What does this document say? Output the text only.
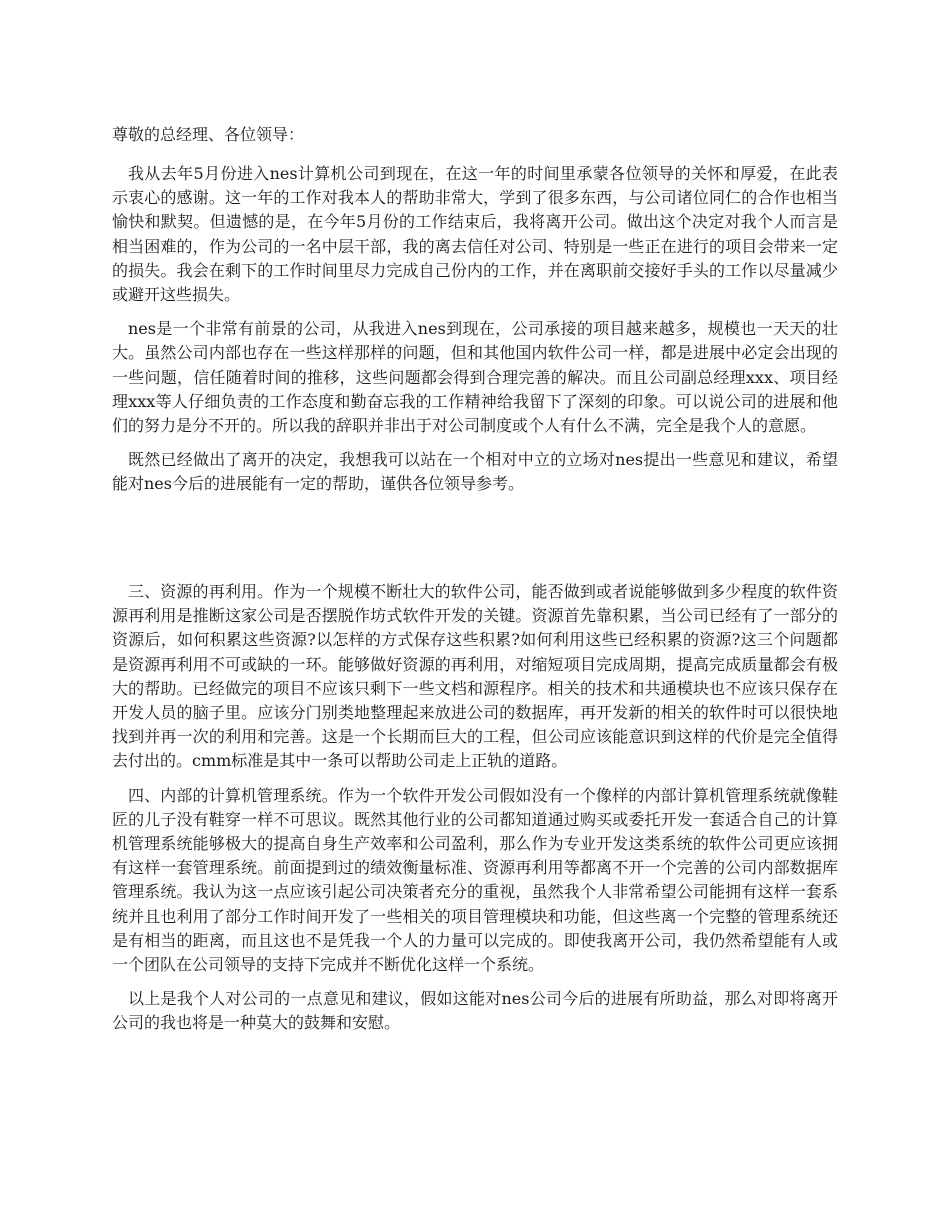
尊敬的总经理、各位领导：

我从去年5月份进入nes计算机公司到现在，在这一年的时间里承蒙各位领导的关怀和厚爱，在此表示衷心的感谢。这一年的工作对我本人的帮助非常大，学到了很多东西，与公司诸位同仁的合作也相当愉快和默契。但遗憾的是，在今年5月份的工作结束后，我将离开公司。做出这个决定对我个人而言是相当困难的，作为公司的一名中层干部，我的离去信任对公司、特别是一些正在进行的项目会带来一定的损失。我会在剩下的工作时间里尽力完成自己份内的工作，并在离职前交接好手头的工作以尽量减少或避开这些损失。

nes是一个非常有前景的公司，从我进入nes到现在，公司承接的项目越来越多，规模也一天天的壮大。虽然公司内部也存在一些这样那样的问题，但和其他国内软件公司一样，都是进展中必定会出现的一些问题，信任随着时间的推移，这些问题都会得到合理完善的解决。而且公司副总经理xxx、项目经理xxx等人仔细负责的工作态度和勤奋忘我的工作精神给我留下了深刻的印象。可以说公司的进展和他们的努力是分不开的。所以我的辞职并非出于对公司制度或个人有什么不满，完全是我个人的意愿。

既然已经做出了离开的决定，我想我可以站在一个相对中立的立场对nes提出一些意见和建议，希望能对nes今后的进展能有一定的帮助，谨供各位领导参考。

三、资源的再利用。作为一个规模不断壮大的软件公司，能否做到或者说能够做到多少程度的软件资源再利用是推断这家公司是否摆脱作坊式软件开发的关键。资源首先靠积累，当公司已经有了一部分的资源后，如何积累这些资源?以怎样的方式保存这些积累?如何利用这些已经积累的资源?这三个问题都是资源再利用不可或缺的一环。能够做好资源的再利用，对缩短项目完成周期，提高完成质量都会有极大的帮助。已经做完的项目不应该只剩下一些文档和源程序。相关的技术和共通模块也不应该只保存在开发人员的脑子里。应该分门别类地整理起来放进公司的数据库，再开发新的相关的软件时可以很快地找到并再一次的利用和完善。这是一个长期而巨大的工程，但公司应该能意识到这样的代价是完全值得去付出的。cmm标准是其中一条可以帮助公司走上正轨的道路。

四、内部的计算机管理系统。作为一个软件开发公司假如没有一个像样的内部计算机管理系统就像鞋匠的儿子没有鞋穿一样不可思议。既然其他行业的公司都知道通过购买或委托开发一套适合自己的计算机管理系统能够极大的提高自身生产效率和公司盈利，那么作为专业开发这类系统的软件公司更应该拥有这样一套管理系统。前面提到过的绩效衡量标准、资源再利用等都离不开一个完善的公司内部数据库管理系统。我认为这一点应该引起公司决策者充分的重视，虽然我个人非常希望公司能拥有这样一套系统并且也利用了部分工作时间开发了一些相关的项目管理模块和功能，但这些离一个完整的管理系统还是有相当的距离，而且这也不是凭我一个人的力量可以完成的。即使我离开公司，我仍然希望能有人或一个团队在公司领导的支持下完成并不断优化这样一个系统。

以上是我个人对公司的一点意见和建议，假如这能对nes公司今后的进展有所助益，那么对即将离开公司的我也将是一种莫大的鼓舞和安慰。
